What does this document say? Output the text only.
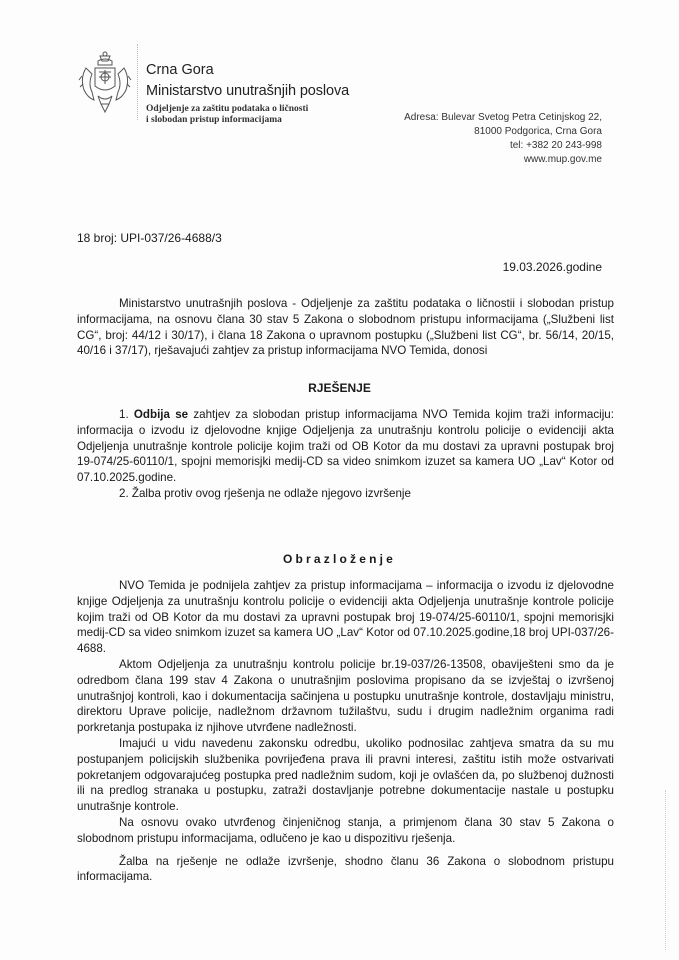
Crna Gora
Ministarstvo unutrašnjih poslova
Odjeljenje za zaštitu podataka o ličnosti
i slobodan pristup informacijama	Adresa: Bulevar Svetog Petra Cetinjskog 22,
81000 Podgorica, Crna Gora
tel: +382 20 243-998
www.mup.gov.me
18 broj: UPI-037/26-4688/3
19.03.2026.godine
Ministarstvo unutrašnjih poslova - Odjeljenje za zaštitu podataka o ličnostii i slobodan pristup informacijama, na osnovu člana 30 stav 5 Zakona o slobodnom pristupu informacijama („Službeni list CG“, broj: 44/12 i 30/17), i člana 18 Zakona o upravnom postupku („Službeni list CG“, br. 56/14, 20/15, 40/16 i 37/17), rješavajući zahtjev za pristup informacijama NVO Temida, donosi
RJEŠENJE

1. Odbija se zahtjev za slobodan pristup informacijama NVO Temida kojim traži informaciju: informacija o izvodu iz djelovodne knjige Odjeljenja za unutrašnju kontrolu policije o evidenciji akta Odjeljenja unutrašnje kontrole policije kojim traži od OB Kotor da mu dostavi za upravni postupak broj 19-074/25-60110/1, spojni memorisjki medij-CD sa video snimkom izuzet sa kamera UO „Lav“ Kotor od 07.10.2025.godine.

2. Žalba protiv ovog rješenja ne odlaže njegovo izvršenje

Obrazloženje

NVO Temida je podnijela zahtjev za pristup informacijama – informacija o izvodu iz djelovodne knjige Odjeljenja za unutrašnju kontrolu policije o evidenciji akta Odjeljenja unutrašnje kontrole policije kojim traži od OB Kotor da mu dostavi za upravni postupak broj 19-074/25-60110/1, spojni memorisjki medij-CD sa video snimkom izuzet sa kamera UO „Lav“ Kotor od 07.10.2025.godine,18 broj UPI-037/26-4688.

Aktom Odjeljenja za unutrašnju kontrolu policije br.19-037/26-13508, obaviješteni smo da je odredbom člana 199 stav 4 Zakona o unutrašnjim poslovima propisano da se izvještaj o izvršenoj unutrašnjoj kontroli, kao i dokumentacija sačinjena u postupku unutrašnje kontrole, dostavljaju ministru, direktoru Uprave policije, nadležnom državnom tužilaštvu, sudu i drugim nadležnim organima radi porkretanja postupaka iz njihove utvrđene nadležnosti.

Imajući u vidu navedenu zakonsku odredbu, ukoliko podnosilac zahtjeva smatra da su mu postupanjem policijskih službenika povrijeđena prava ili pravni interesi, zaštitu istih može ostvarivati pokretanjem odgovarajućeg postupka pred nadležnim sudom, koji je ovlašćen da, po službenoj dužnosti ili na predlog stranaka u postupku, zatraži dostavljanje potrebne dokumentacije nastale u postupku unutrašnje kontrole.

Na osnovu ovako utvrđenog činjeničnog stanja, a primjenom člana 30 stav 5 Zakona o slobodnom pristupu informacijama, odlučeno je kao u dispozitivu rješenja.

Žalba na rješenje ne odlaže izvršenje, shodno članu 36 Zakona o slobodnom pristupu informacijama.
